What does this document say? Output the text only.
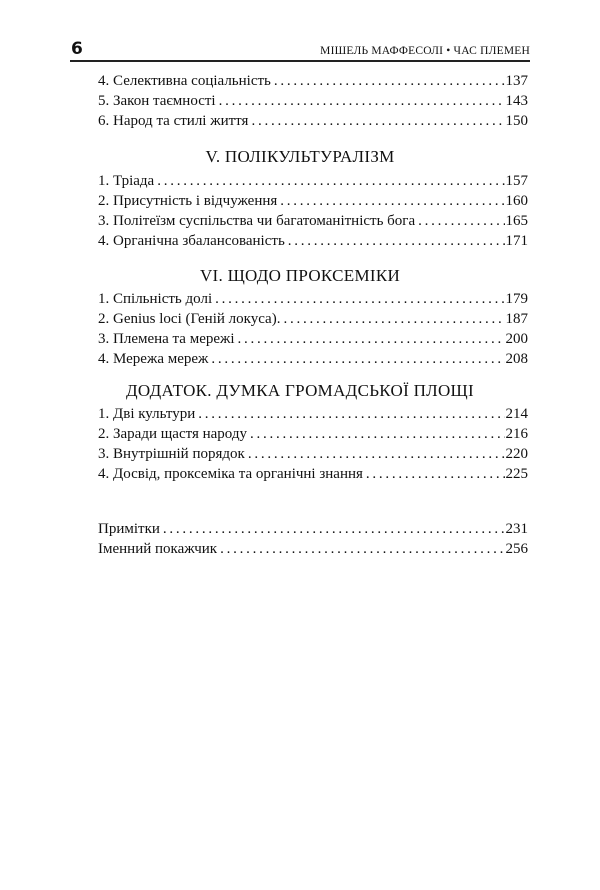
6	МІШЕЛЬ МАФФЕСОЛІ • ЧАС ПЛЕМЕН
4. Селективна соціальність . . .	137
5. Закон таємності . . .	143
6. Народ та стилі життя . . .	150
V. ПОЛІКУЛЬТУРАЛІЗМ
1. Тріада . . .	157
2. Присутність і відчуження . . .	160
3. Політеїзм суспільства чи багатоманітність бога . . .	165
4. Органічна збалансованість . . .	171
VI. ЩОДО ПРОКСЕМІКИ
1. Спільність долі . . .	179
2. Genius loci (Геній локуса). . . .	187
3. Племена та мережі . . .	200
4. Мережа мереж . . .	208
ДОДАТОК. ДУМКА ГРОМАДСЬКОЇ ПЛОЩІ
1. Дві культури . . .	214
2. Заради щастя народу . . .	216
3. Внутрішній порядок . . .	220
4. Досвід, проксеміка та органічні знання . . .	225
Примітки . . .	231
Іменний покажчик . . .	256
